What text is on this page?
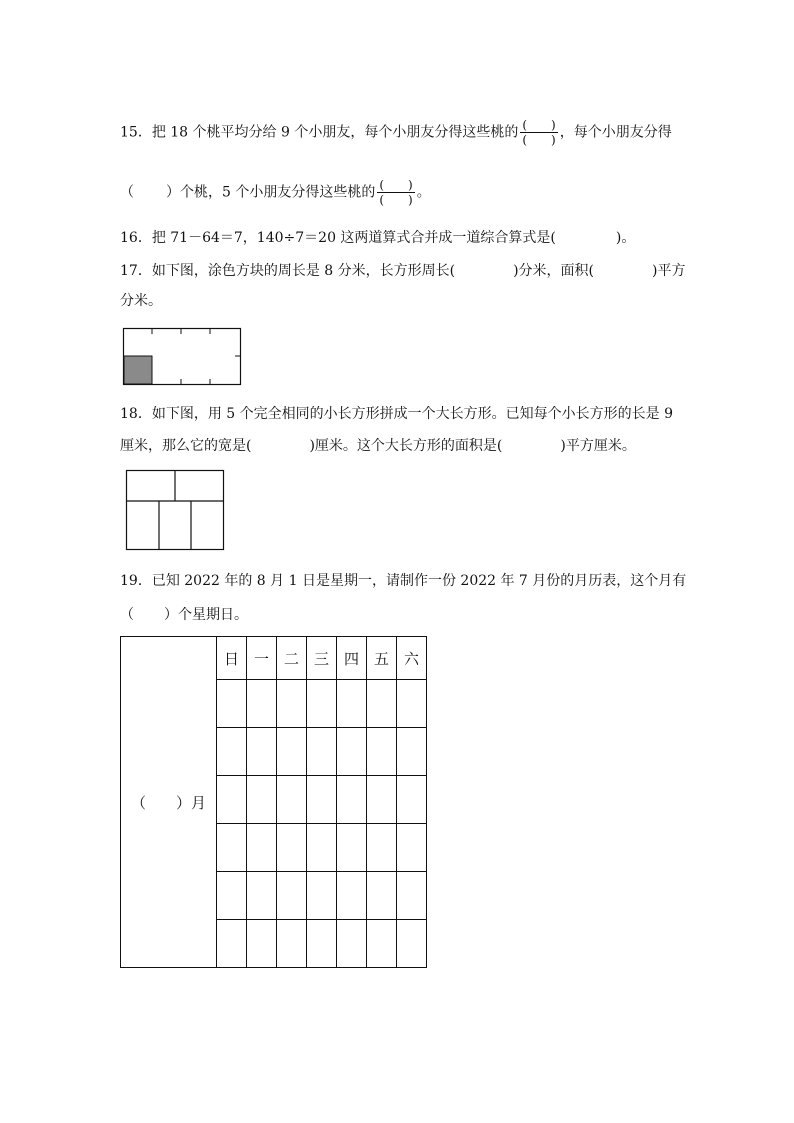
15．把 18 个桃平均分给 9 个小朋友，每个小朋友分得这些桃的 $\frac{( )}{( )}$ ，每个小朋友分得
（ ）个桃，5 个小朋友分得这些桃的 $\frac{( )}{( )}$ 。
16．把 71－64＝7，140÷7＝20 这两道算式合并成一道综合算式是(	)。
17．如下图，涂色方块的周长是 8 分米，长方形周长(	)分米，面积(	)平方
分米。
18．如下图，用 5 个完全相同的小长方形拼成一个大长方形。已知每个小长方形的长是 9
厘米，那么它的宽是(	)厘米。这个大长方形的面积是(	)平方厘米。
19．已知 2022 年的 8 月 1 日是星期一，请制作一份 2022 年 7 月份的月历表，这个月有
（ ）个星期日。
（ ）月	日	一	二	三	四	五	六
